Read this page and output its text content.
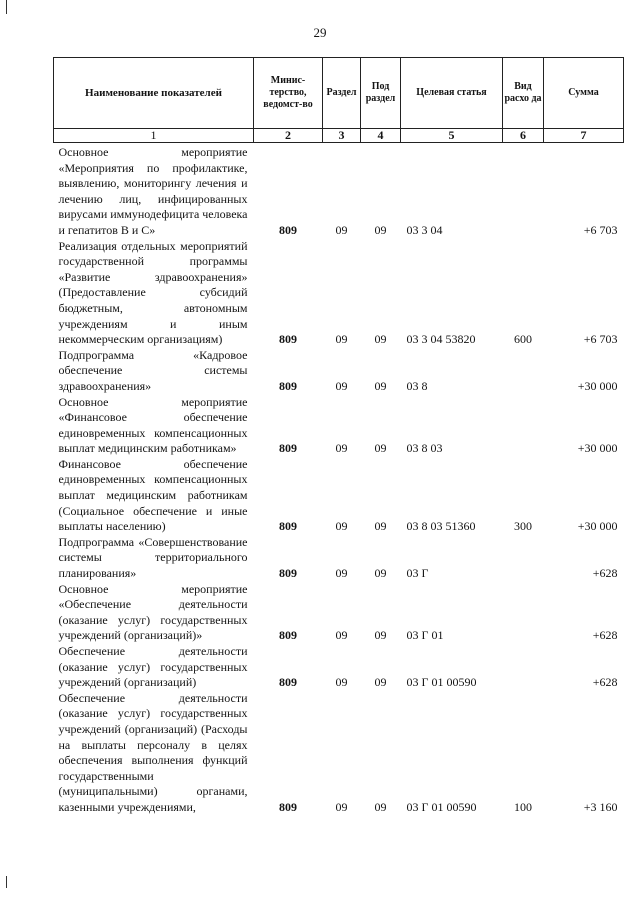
29
Наименование показателей	Минис-терство, ведомст-во	Раздел	Под раздел	Целевая статья	Вид расхо да	Сумма
1	2	3	4	5	6	7
Основное мероприятие «Мероприятия по профилактике, выявлению, мониторингу лечения и лечению лиц, инфицированных вирусами иммунодефицита человека и гепатитов В и С»	809	09	09	03 3 04		+6 703
Реализация отдельных мероприятий государственной программы «Развитие здравоохранения» (Предоставление субсидий бюджетным, автономным учреждениям и иным некоммерческим организациям)	809	09	09	03 3 04 53820	600	+6 703
Подпрограмма «Кадровое обеспечение системы здравоохранения»	809	09	09	03 8		+30 000
Основное мероприятие «Финансовое обеспечение единовременных компенсационных выплат медицинским работникам»	809	09	09	03 8 03		+30 000
Финансовое обеспечение единовременных компенсационных выплат медицинским работникам (Социальное обеспечение и иные выплаты населению)	809	09	09	03 8 03 51360	300	+30 000
Подпрограмма «Совершенствование системы территориального планирования»	809	09	09	03 Г		+628
Основное мероприятие «Обеспечение деятельности (оказание услуг) государственных учреждений (организаций)»	809	09	09	03 Г 01		+628
Обеспечение деятельности (оказание услуг) государственных учреждений (организаций)	809	09	09	03 Г 01 00590		+628
Обеспечение деятельности (оказание услуг) государственных учреждений (организаций) (Расходы на выплаты персоналу в целях обеспечения выполнения функций государственными (муниципальными) органами, казенными учреждениями,	809	09	09	03 Г 01 00590	100	+3 160
